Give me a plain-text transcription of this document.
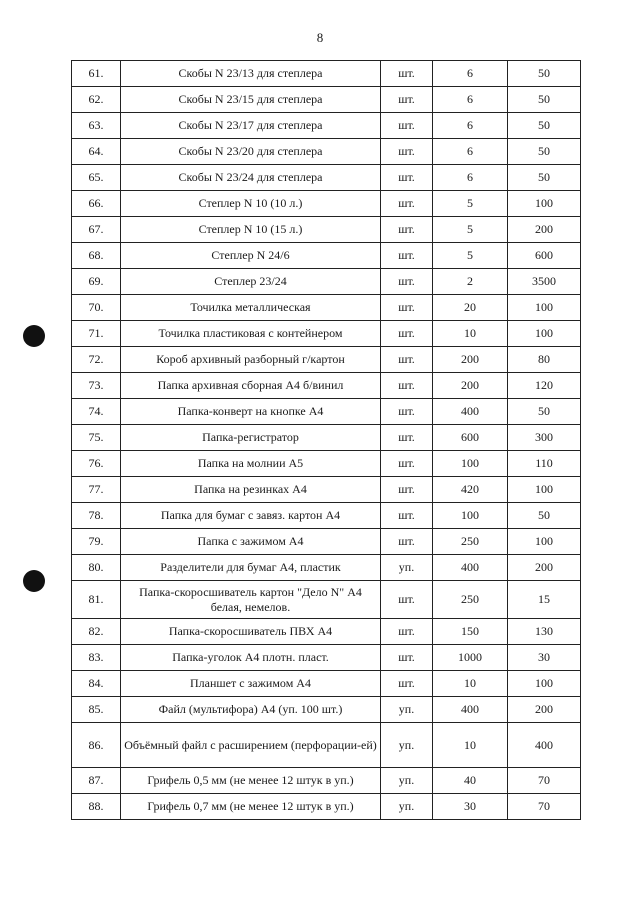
8
61.	Скобы N 23/13 для степлера	шт.	6	50
62.	Скобы N 23/15 для степлера	шт.	6	50
63.	Скобы N 23/17 для степлера	шт.	6	50
64.	Скобы N 23/20 для степлера	шт.	6	50
65.	Скобы N 23/24 для степлера	шт.	6	50
66.	Степлер N 10 (10 л.)	шт.	5	100
67.	Степлер N 10 (15 л.)	шт.	5	200
68.	Степлер N 24/6	шт.	5	600
69.	Степлер 23/24	шт.	2	3500
70.	Точилка металлическая	шт.	20	100
71.	Точилка пластиковая с контейнером	шт.	10	100
72.	Короб архивный разборный г/картон	шт.	200	80
73.	Папка архивная сборная А4 б/винил	шт.	200	120
74.	Папка-конверт на кнопке А4	шт.	400	50
75.	Папка-регистратор	шт.	600	300
76.	Папка на молнии А5	шт.	100	110
77.	Папка на резинках А4	шт.	420	100
78.	Папка для бумаг с завяз. картон А4	шт.	100	50
79.	Папка с зажимом А4	шт.	250	100
80.	Разделители для бумаг А4, пластик	уп.	400	200
81.	Папка-скоросшиватель картон "Дело N" А4 белая, немелов.	шт.	250	15
82.	Папка-скоросшиватель ПВХ А4	шт.	150	130
83.	Папка-уголок А4 плотн. пласт.	шт.	1000	30
84.	Планшет с зажимом А4	шт.	10	100
85.	Файл (мультифора) А4 (уп. 100 шт.)	уп.	400	200
86.	Объёмный файл с расширением (перфорации-ей)	уп.	10	400
87.	Грифель 0,5 мм (не менее 12 штук в уп.)	уп.	40	70
88.	Грифель 0,7 мм (не менее 12 штук в уп.)	уп.	30	70
